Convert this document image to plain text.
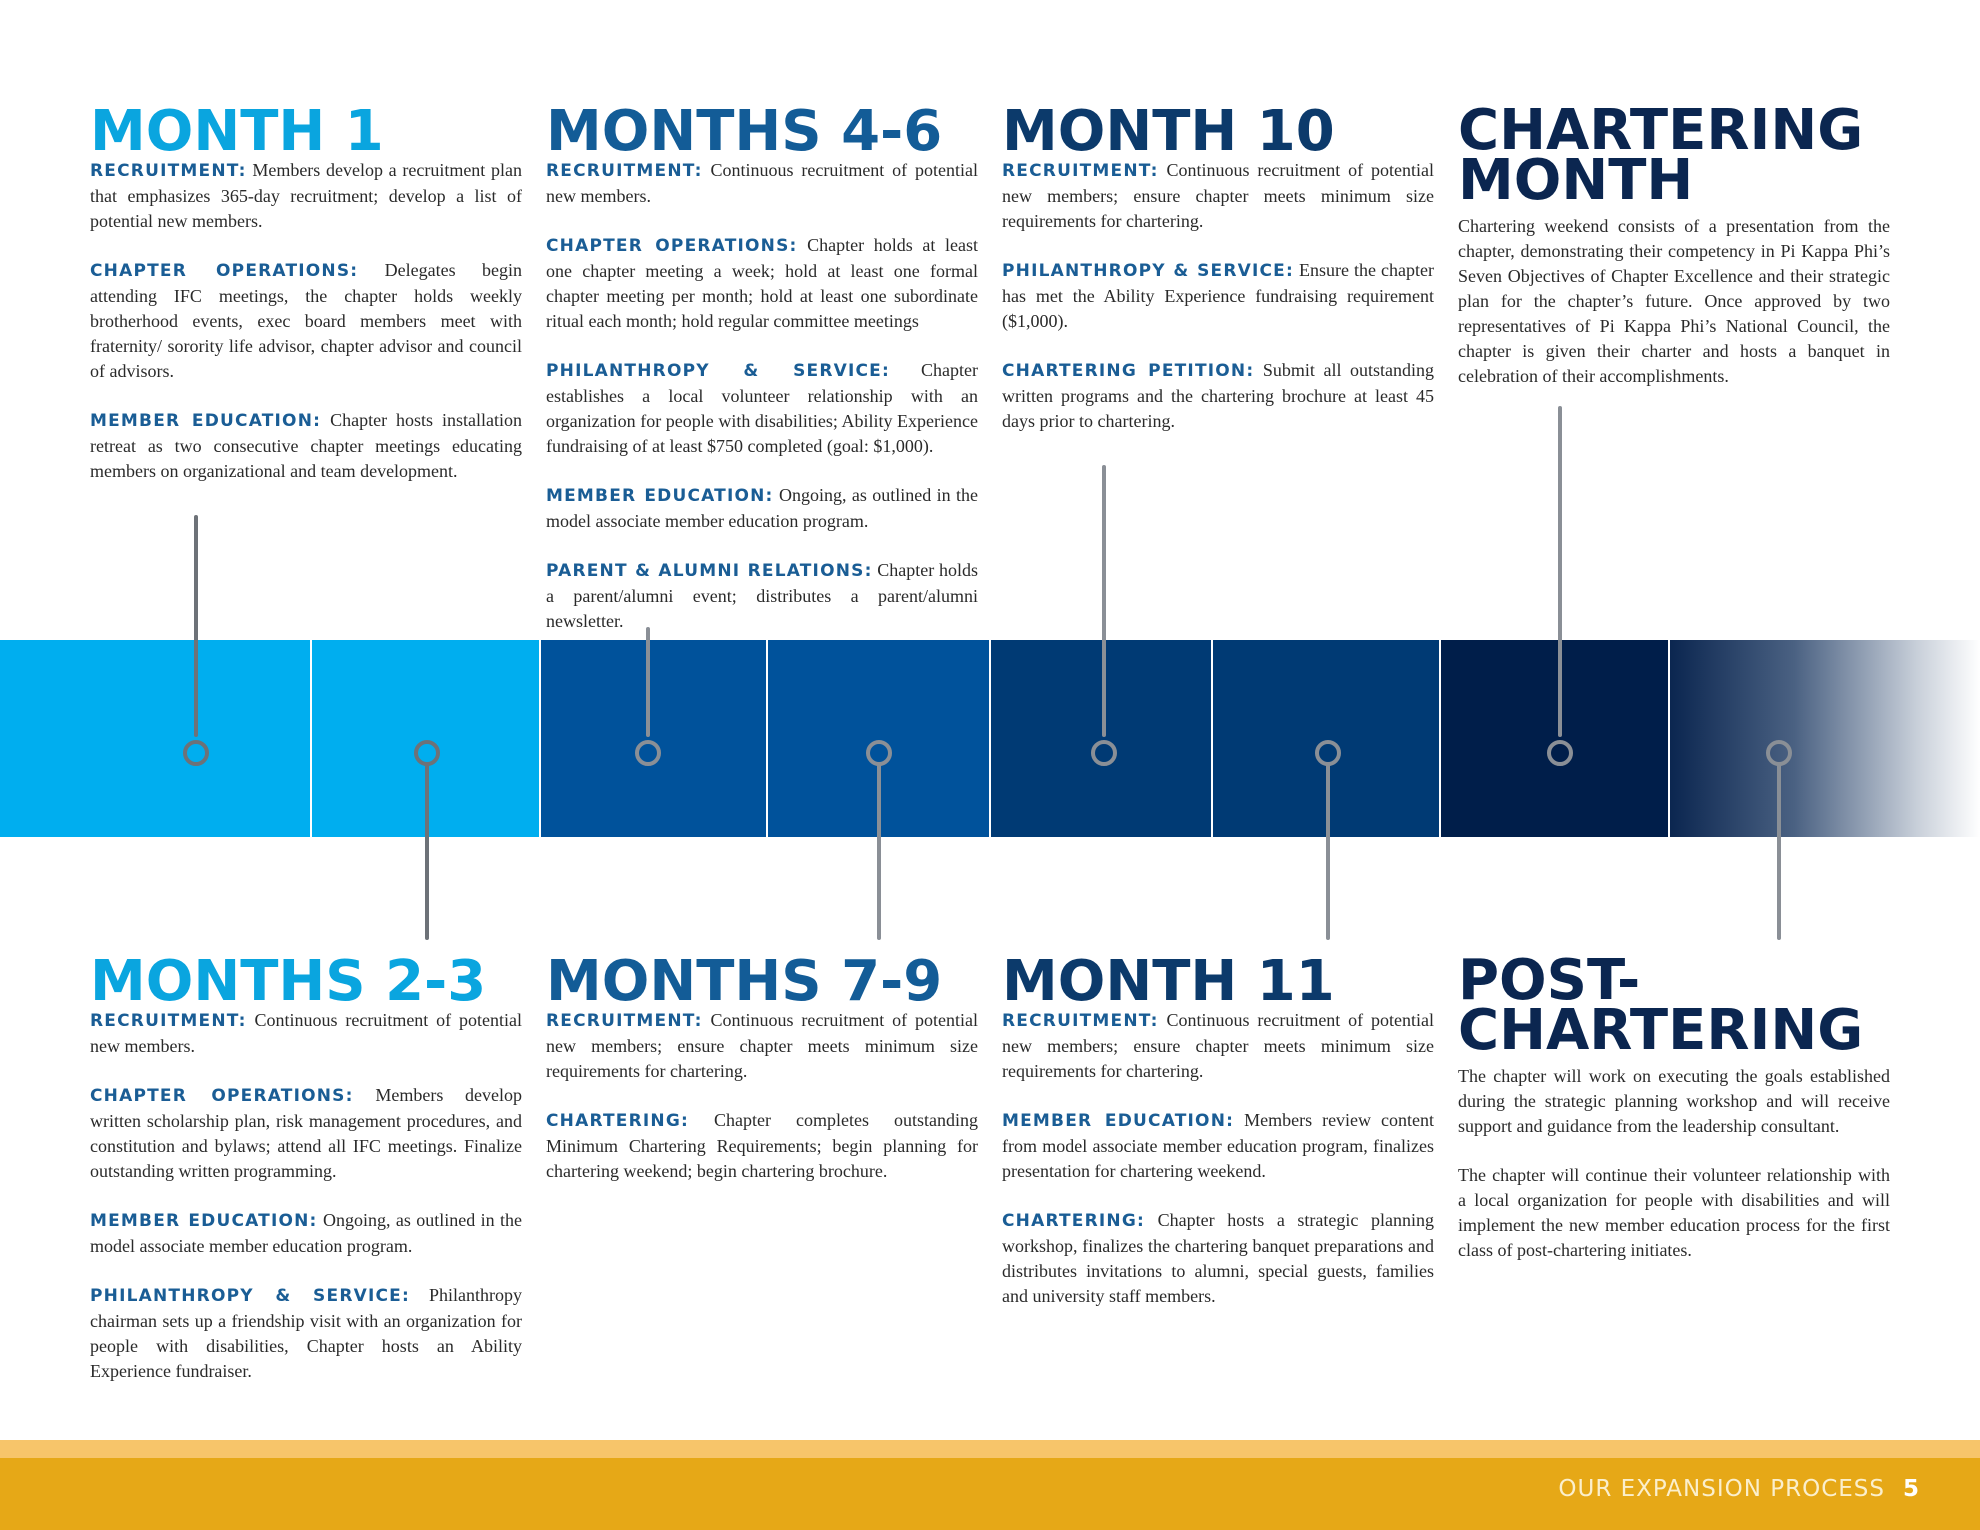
MONTH 1

RECRUITMENT: Members develop a recruitment plan that emphasizes 365-day recruitment; develop a list of potential new members.

CHAPTER OPERATIONS: Delegates begin attending IFC meetings, the chapter holds weekly brotherhood events, exec board members meet with fraternity/ sorority life advisor, chapter advisor and council of advisors.

MEMBER EDUCATION: Chapter hosts installation retreat as two consecutive chapter meetings educating members on organizational and team development.

MONTHS 4-6

RECRUITMENT: Continuous recruitment of potential new members.

CHAPTER OPERATIONS: Chapter holds at least one chapter meeting a week; hold at least one formal chapter meeting per month; hold at least one subordinate ritual each month; hold regular committee meetings

PHILANTHROPY & SERVICE: Chapter establishes a local volunteer relationship with an organization for people with disabilities; Ability Experience fundraising of at least $750 completed (goal: $1,000).

MEMBER EDUCATION: Ongoing, as outlined in the model associate member education program.

PARENT & ALUMNI RELATIONS: Chapter holds a parent/alumni event; distributes a parent/alumni newsletter.

MONTH 10

RECRUITMENT: Continuous recruitment of potential new members; ensure chapter meets minimum size requirements for chartering.

PHILANTHROPY & SERVICE: Ensure the chapter has met the Ability Experience fundraising requirement ($1,000).

CHARTERING PETITION: Submit all outstanding written programs and the chartering brochure at least 45 days prior to chartering.

CHARTERING
MONTH

Chartering weekend consists of a presentation from the chapter, demonstrating their competency in Pi Kappa Phi’s Seven Objectives of Chapter Excellence and their strategic plan for the chapter’s future. Once approved by two representatives of Pi Kappa Phi’s National Council, the chapter is given their charter and hosts a banquet in celebration of their accomplishments.

MONTHS 2-3

RECRUITMENT: Continuous recruitment of potential new members.

CHAPTER OPERATIONS: Members develop written scholarship plan, risk management procedures, and constitution and bylaws; attend all IFC meetings. Finalize outstanding written programming.

MEMBER EDUCATION: Ongoing, as outlined in the model associate member education program.

PHILANTHROPY & SERVICE: Philanthropy chairman sets up a friendship visit with an organization for people with disabilities, Chapter hosts an Ability Experience fundraiser.

MONTHS 7-9

RECRUITMENT: Continuous recruitment of potential new members; ensure chapter meets minimum size requirements for chartering.

CHARTERING: Chapter completes outstanding Minimum Chartering Requirements; begin planning for chartering weekend; begin chartering brochure.

MONTH 11

RECRUITMENT: Continuous recruitment of potential new members; ensure chapter meets minimum size requirements for chartering.

MEMBER EDUCATION: Members review content from model associate member education program, finalizes presentation for chartering weekend.

CHARTERING: Chapter hosts a strategic planning workshop, finalizes the chartering banquet preparations and distributes invitations to alumni, special guests, families and university staff members.

POST-
CHARTERING

The chapter will work on executing the goals established during the strategic planning workshop and will receive support and guidance from the leadership consultant.

The chapter will continue their volunteer relationship with a local organization for people with disabilities and will implement the new member education process for the first class of post-chartering initiates.

OUR EXPANSION PROCESS 5
